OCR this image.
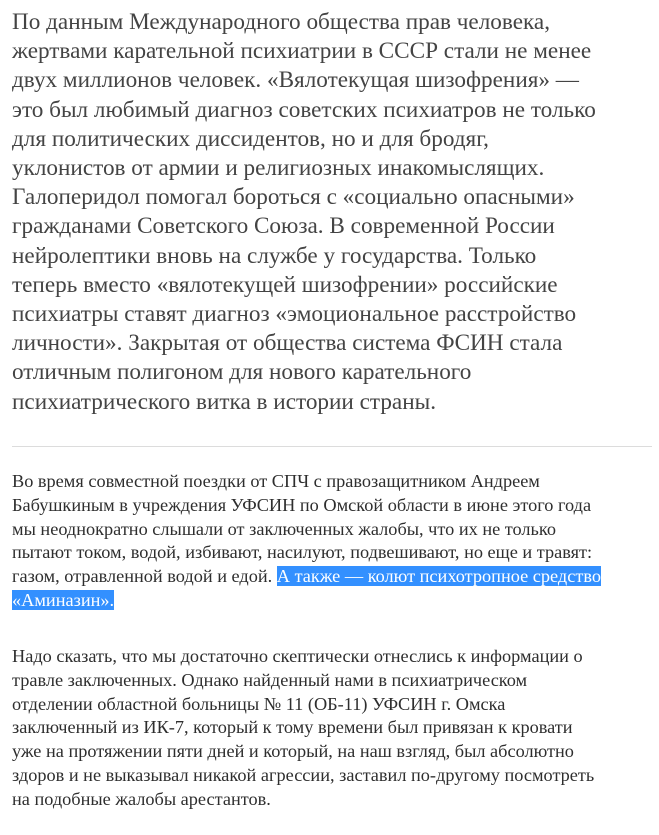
По данным Международного общества прав человека,
жертвами карательной психиатрии в СССР стали не менее
двух миллионов человек. «Вялотекущая шизофрения» —
это был любимый диагноз советских психиатров не только
для политических диссидентов, но и для бродяг,
уклонистов от армии и религиозных инакомыслящих.
Галоперидол помогал бороться с «социально опасными»
гражданами Советского Союза. В современной России
нейролептики вновь на службе у государства. Только
теперь вместо «вялотекущей шизофрении» российские
психиатры ставят диагноз «эмоциональное расстройство
личности». Закрытая от общества система ФСИН стала
отличным полигоном для нового карательного
психиатрического витка в истории страны.
Во время совместной поездки от СПЧ с правозащитником Андреем
Бабушкиным в учреждения УФСИН по Омской области в июне этого года
мы неоднократно слышали от заключенных жалобы, что их не только
пытают током, водой, избивают, насилуют, подвешивают, но еще и травят:
газом, отравленной водой и едой. А также — колют психотропное средство
«Аминазин».
Надо сказать, что мы достаточно скептически отнеслись к информации о
травле заключенных. Однако найденный нами в психиатрическом
отделении областной больницы № 11 (ОБ-11) УФСИН г. Омска
заключенный из ИК-7, который к тому времени был привязан к кровати
уже на протяжении пяти дней и который, на наш взгляд, был абсолютно
здоров и не выказывал никакой агрессии, заставил по-другому посмотреть
на подобные жалобы арестантов.
